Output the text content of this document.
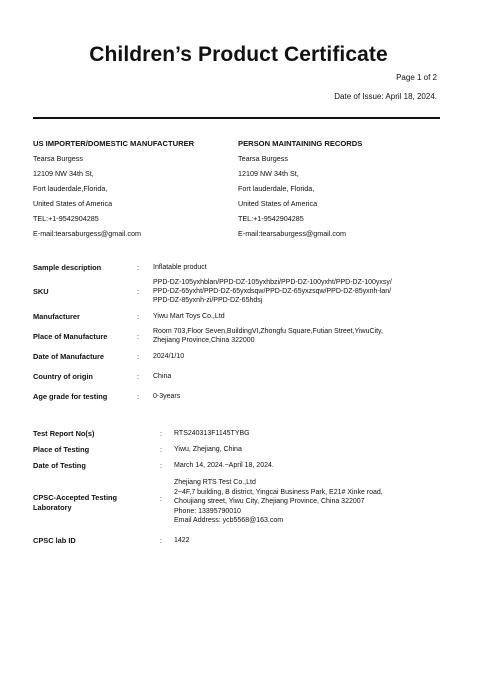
Children’s Product Certificate
Page 1 of 2
Date of Issue: April 18, 2024.
US IMPORTER/DOMESTIC MANUFACTURER
Tearsa Burgess
12109 NW 34th St,
Fort lauderdale,Florida,
United States of America
TEL:+1-9542904285
E-mail:tearsaburgess@gmail.com
PERSON MAINTAINING RECORDS
Tearsa Burgess
12109 NW 34th St,
Fort lauderdale, Florida,
United States of America
TEL:+1-9542904285
E-mail:tearsaburgess@gmail.com
Sample description	: Inflatable product
SKU	:
PPD-DZ-105yxhblan/PPD-DZ-105yxhbzi/PPD-DZ-100yxht/PPD-DZ-100yxsy/
PPD-DZ-65yxht/PPD-DZ-65yxdsqw/PPD-DZ-65yxzsqw/PPD-DZ-85yxnh-lan/
PPD-DZ-85yxnh-zi/PPD-DZ-65hdsj
Manufacturer	: Yiwu Mart Toys Co.,Ltd
Place of Manufacture	:
Room 703,Floor Seven,BuildingVI,Zhongfu Square,Futian Street,YiwuCity,
Zhejiang Province,China 322000
Date of Manufacture	: 2024/1/10
Country of origin	: China
Age grade for testing	: 0-3years
Test Report No(s)	: RTS240313F1145TYBG
Place of Testing	: Yiwu, Zhejiang, China
Date of Testing	: March 14, 2024.~April 18, 2024.
CPSC-Accepted Testing
Laboratory
:
Zhejiang RTS Test Co.,Ltd
2~4F,7 building, B district, Yingcai Business Park, E21# Xinke road,
Choujiang street, Yiwu City, Zhejiang Province, China 322007
Phone: 13395790010
Email Address: ycb5568@163.com
CPSC lab ID	: 1422
